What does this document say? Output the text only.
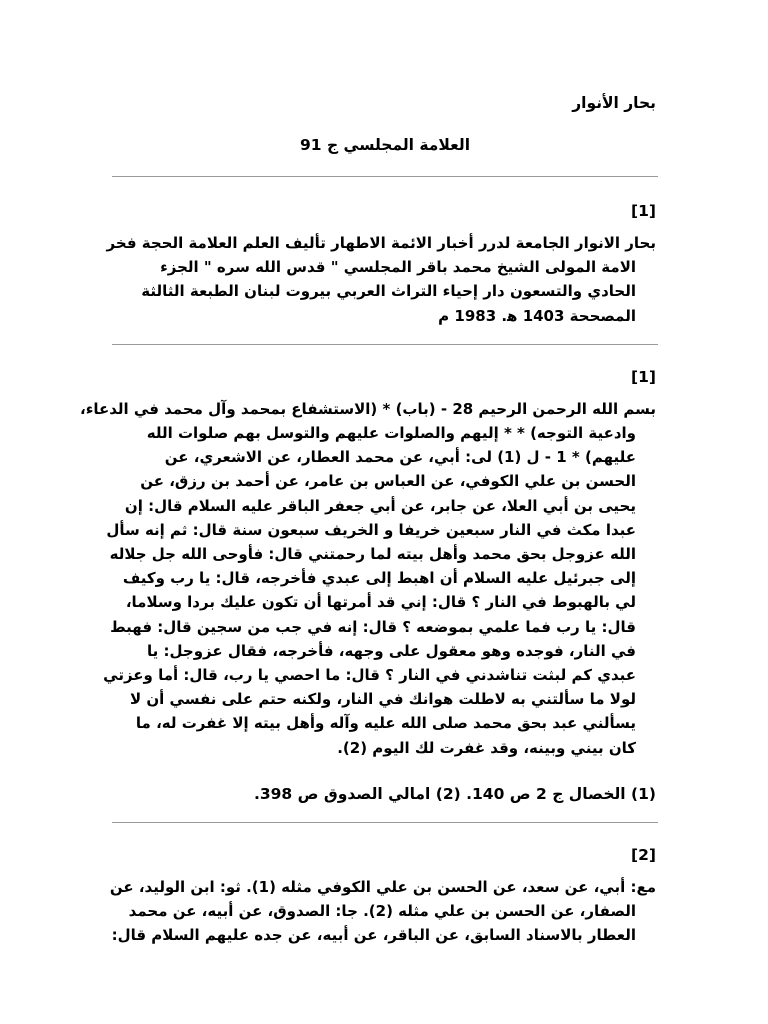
بحار الأنوار
العلامة المجلسي ج 91
[1]
بحار الانوار الجامعة لدرر أخبار الائمة الاطهار تأليف العلم العلامة الحجة فخر
الامة المولى الشيخ محمد باقر المجلسي " قدس الله سره " الجزء
الحادي والتسعون دار إحياء التراث العربي بيروت لبنان الطبعة الثالثة
المصححة 1403 ه‍. 1983 م
[1]
بسم الله الرحمن الرحيم 28 - (باب) * (الاستشفاع بمحمد وآل محمد في الدعاء،
وادعية التوجه) * * إليهم والصلوات عليهم والتوسل بهم صلوات الله
عليهم) * 1 - ل (1) لى: أبي، عن محمد العطار، عن الاشعري، عن
الحسن بن علي الكوفي، عن العباس بن عامر، عن أحمد بن رزق، عن
يحيى بن أبي العلا، عن جابر، عن أبي جعفر الباقر عليه السلام قال: إن
عبدا مكث في النار سبعين خريفا و الخريف سبعون سنة قال: ثم إنه سأل
الله عزوجل بحق محمد وأهل بيته لما رحمتني قال: فأوحى الله جل جلاله
إلى جبرئيل عليه السلام أن اهبط إلى عبدي فأخرجه، قال: يا رب وكيف
لي بالهبوط في النار ؟ قال: إني قد أمرتها أن تكون عليك بردا وسلاما،
قال: يا رب فما علمي بموضعه ؟ قال: إنه في جب من سجين قال: فهبط
في النار، فوجده وهو معقول على وجهه، فأخرجه، فقال عزوجل: يا
عبدي كم لبثت تناشدني في النار ؟ قال: ما احصي يا رب، قال: أما وعزتي
لولا ما سألتني به لاطلت هوانك في النار، ولكنه حتم على نفسي أن لا
يسألني عبد بحق محمد صلى الله عليه وآله وأهل بيته إلا غفرت له، ما
كان بيني وبينه، وقد غفرت لك اليوم (2).
(1) الخصال ج 2 ص 140. (2) امالي الصدوق ص 398.
[2]
مع: أبي، عن سعد، عن الحسن بن علي الكوفي مثله (1). ثو: ابن الوليد، عن
الصفار، عن الحسن بن علي مثله (2). جا: الصدوق، عن أبيه، عن محمد
العطار بالاسناد السابق، عن الباقر، عن أبيه، عن جده عليهم السلام قال:
